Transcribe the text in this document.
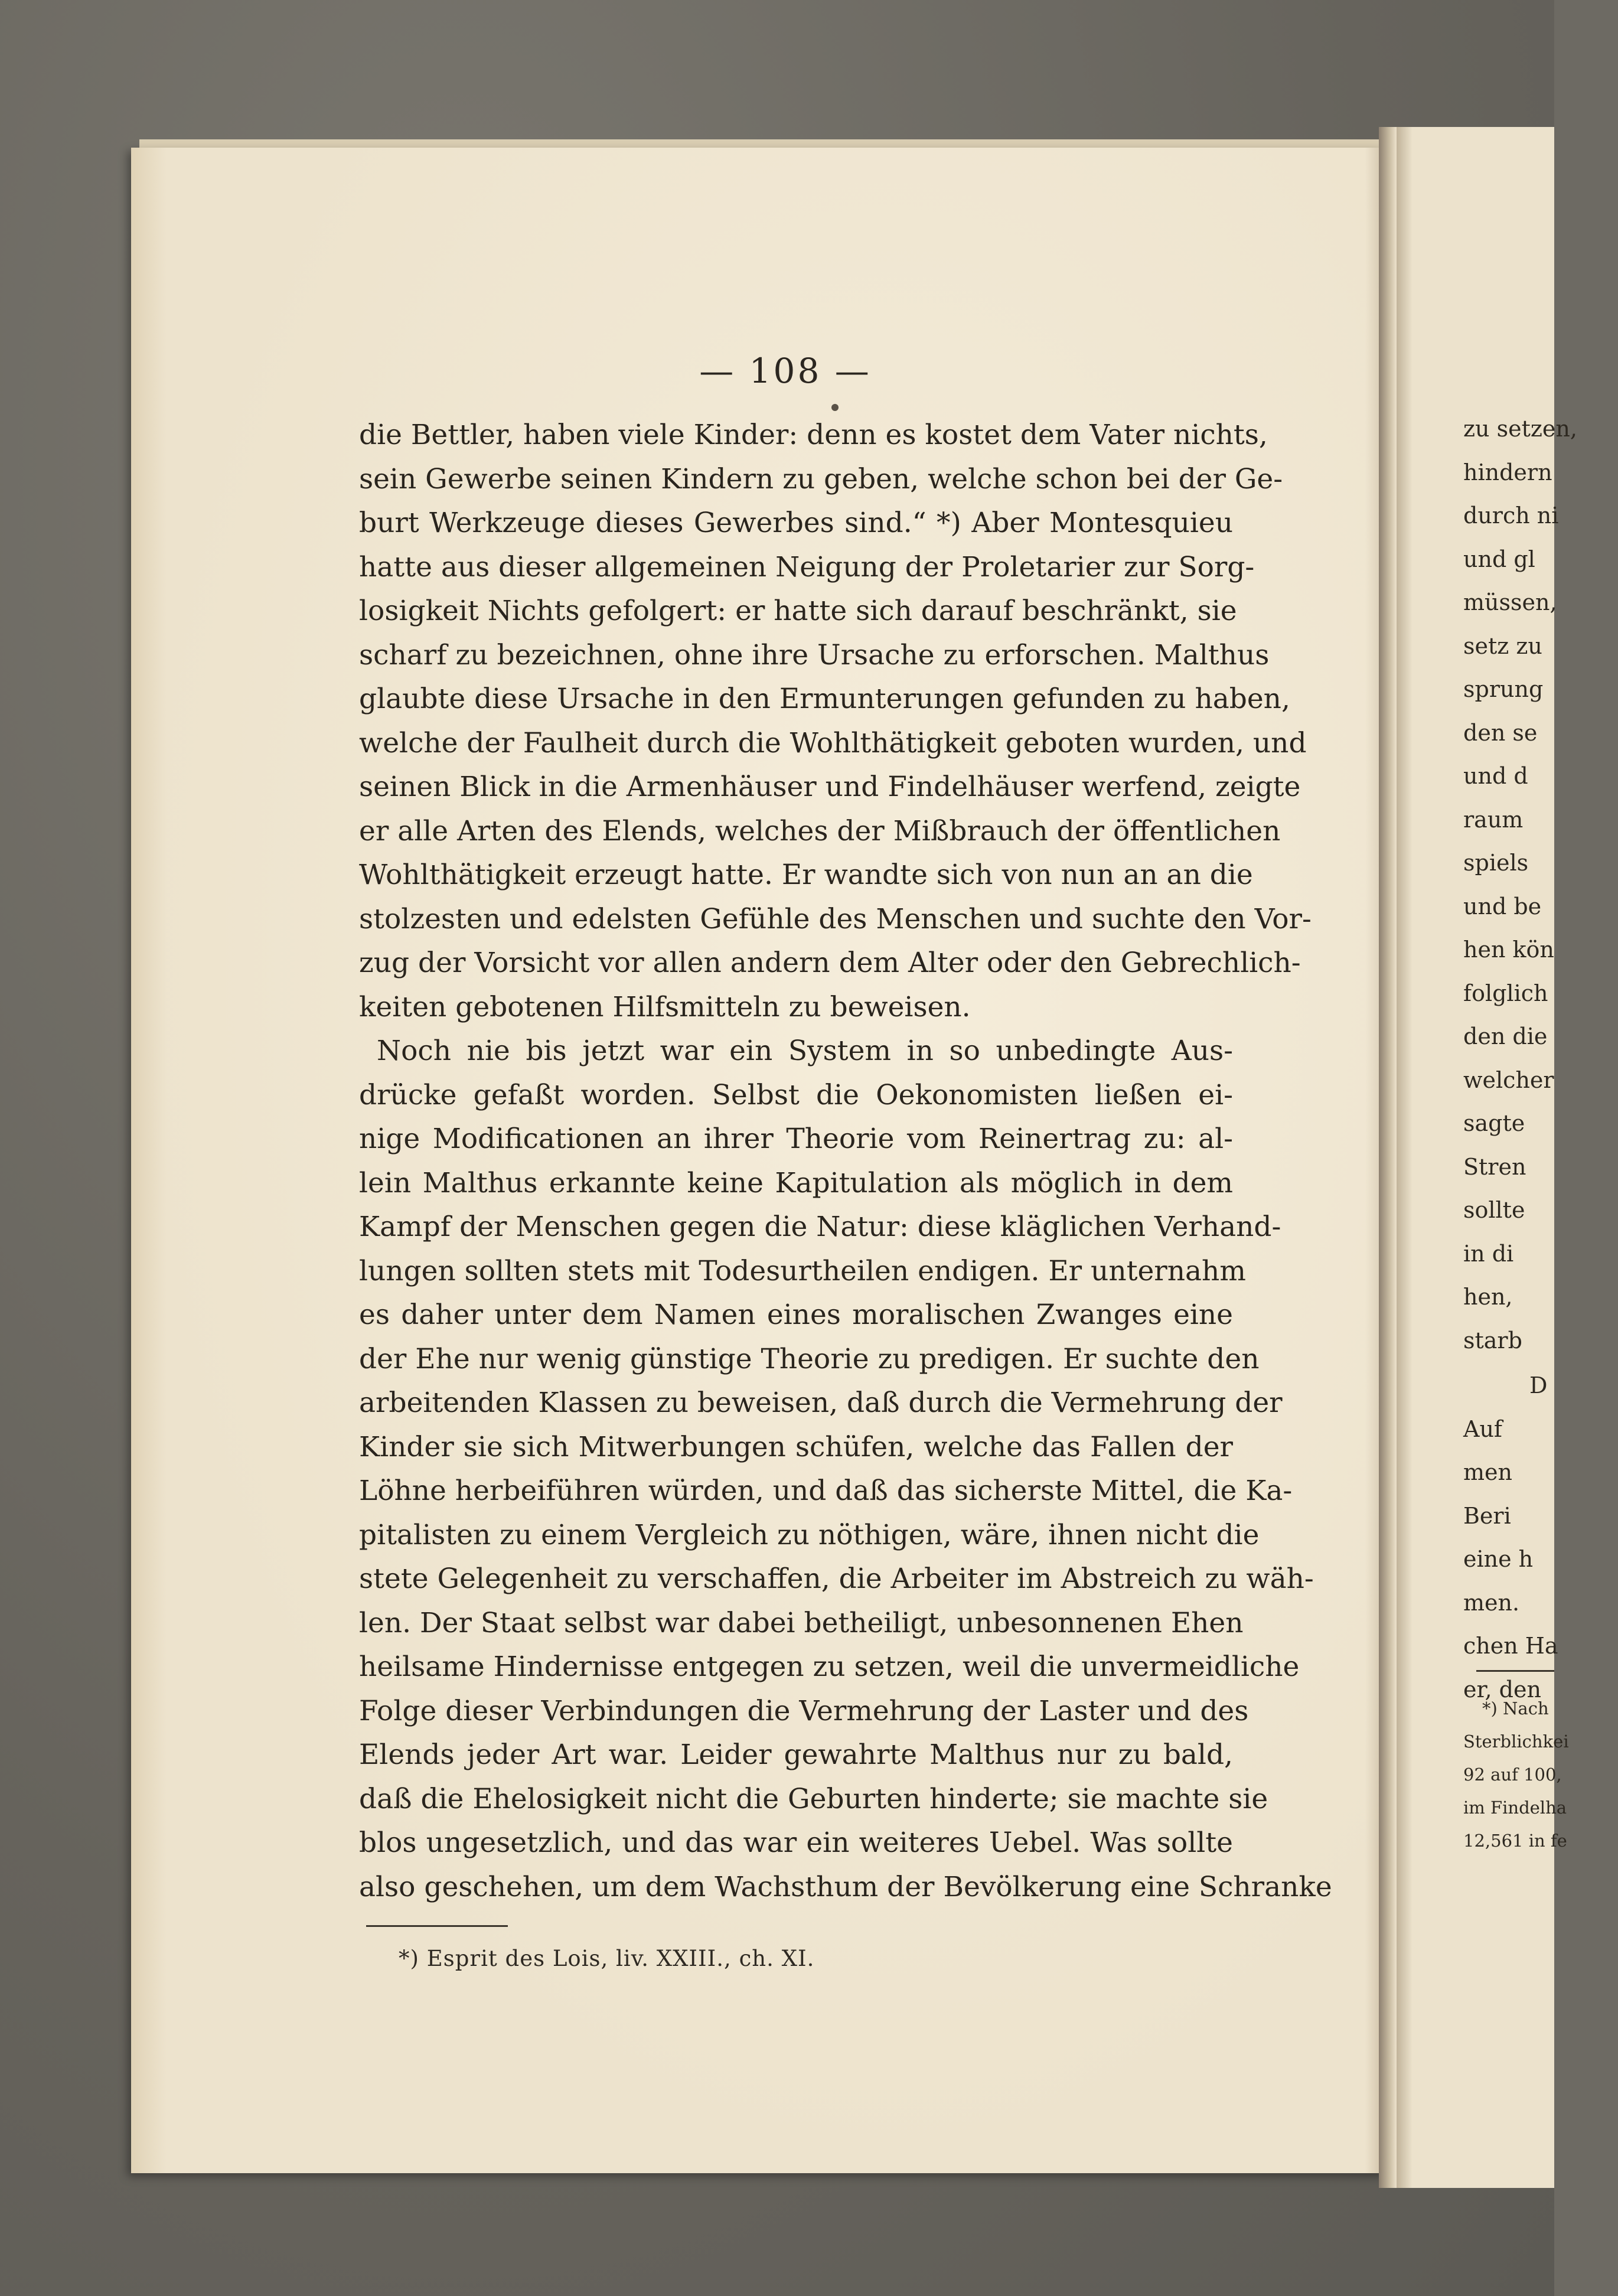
— 108 —
die Bettler, haben viele Kinder: denn es kostet dem Vater nichts,
sein Gewerbe seinen Kindern zu geben, welche schon bei der Ge-
burt Werkzeuge dieses Gewerbes sind.“ *) Aber Montesquieu
hatte aus dieser allgemeinen Neigung der Proletarier zur Sorg-
losigkeit Nichts gefolgert: er hatte sich darauf beschränkt, sie
scharf zu bezeichnen, ohne ihre Ursache zu erforschen. Malthus
glaubte diese Ursache in den Ermunterungen gefunden zu haben,
welche der Faulheit durch die Wohlthätigkeit geboten wurden, und
seinen Blick in die Armenhäuser und Findelhäuser werfend, zeigte
er alle Arten des Elends, welches der Mißbrauch der öffentlichen
Wohlthätigkeit erzeugt hatte. Er wandte sich von nun an an die
stolzesten und edelsten Gefühle des Menschen und suchte den Vor-
zug der Vorsicht vor allen andern dem Alter oder den Gebrechlich-
keiten gebotenen Hilfsmitteln zu beweisen.
Noch nie bis jetzt war ein System in so unbedingte Aus-
drücke gefaßt worden. Selbst die Oekonomisten ließen ei-
nige Modificationen an ihrer Theorie vom Reinertrag zu: al-
lein Malthus erkannte keine Kapitulation als möglich in dem
Kampf der Menschen gegen die Natur: diese kläglichen Verhand-
lungen sollten stets mit Todesurtheilen endigen. Er unternahm
es daher unter dem Namen eines moralischen Zwanges eine
der Ehe nur wenig günstige Theorie zu predigen. Er suchte den
arbeitenden Klassen zu beweisen, daß durch die Vermehrung der
Kinder sie sich Mitwerbungen schüfen, welche das Fallen der
Löhne herbeiführen würden, und daß das sicherste Mittel, die Ka-
pitalisten zu einem Vergleich zu nöthigen, wäre, ihnen nicht die
stete Gelegenheit zu verschaffen, die Arbeiter im Abstreich zu wäh-
len. Der Staat selbst war dabei betheiligt, unbesonnenen Ehen
heilsame Hindernisse entgegen zu setzen, weil die unvermeidliche
Folge dieser Verbindungen die Vermehrung der Laster und des
Elends jeder Art war. Leider gewahrte Malthus nur zu bald,
daß die Ehelosigkeit nicht die Geburten hinderte; sie machte sie
blos ungesetzlich, und das war ein weiteres Uebel. Was sollte
also geschehen, um dem Wachsthum der Bevölkerung eine Schranke
*) Esprit des Lois, liv. XXIII., ch. XI.
zu setzen,
hindern
durch ni
und gl
müssen,
setz zu
sprung
den se
und d
raum
spiels
und be
hen kön
folglich
den die
welcher
sagte
Stren
sollte
in di
hen,
starb
D
Auf
men
Beri
eine h
men.
chen Ha
er, den
*) Nach
Sterblichkei
92 auf 100,
im Findelha
12,561 in fe
